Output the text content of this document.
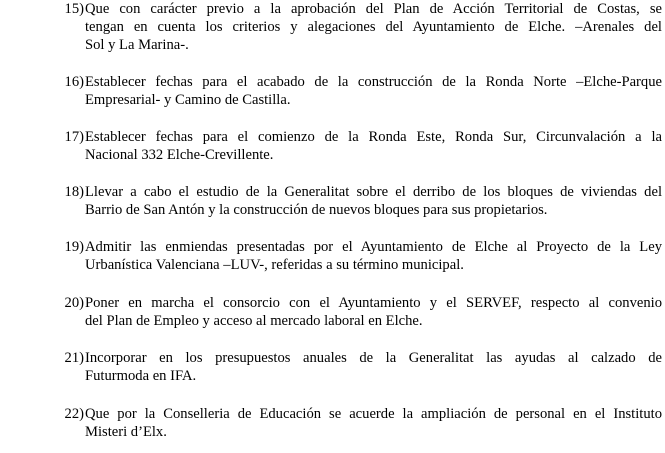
15) Que con carácter previo a la aprobación del Plan de Acción Territorial de Costas, se
tengan en cuenta los criterios y alegaciones del Ayuntamiento de Elche. –Arenales del
Sol y La Marina-.
16) Establecer fechas para el acabado de la construcción de la Ronda Norte –Elche-Parque
Empresarial- y Camino de Castilla.
17) Establecer fechas para el comienzo de la Ronda Este, Ronda Sur, Circunvalación a la
Nacional 332 Elche-Crevillente.
18) Llevar a cabo el estudio de la Generalitat sobre el derribo de los bloques de viviendas del
Barrio de San Antón y la construcción de nuevos bloques para sus propietarios.
19) Admitir las enmiendas presentadas por el Ayuntamiento de Elche al Proyecto de la Ley
Urbanística Valenciana –LUV-, referidas a su término municipal.
20) Poner en marcha el consorcio con el Ayuntamiento y el SERVEF, respecto al convenio
del Plan de Empleo y acceso al mercado laboral en Elche.
21) Incorporar en los presupuestos anuales de la Generalitat las ayudas al calzado de
Futurmoda en IFA.
22) Que por la Conselleria de Educación se acuerde la ampliación de personal en el Instituto
Misteri d’Elx.
